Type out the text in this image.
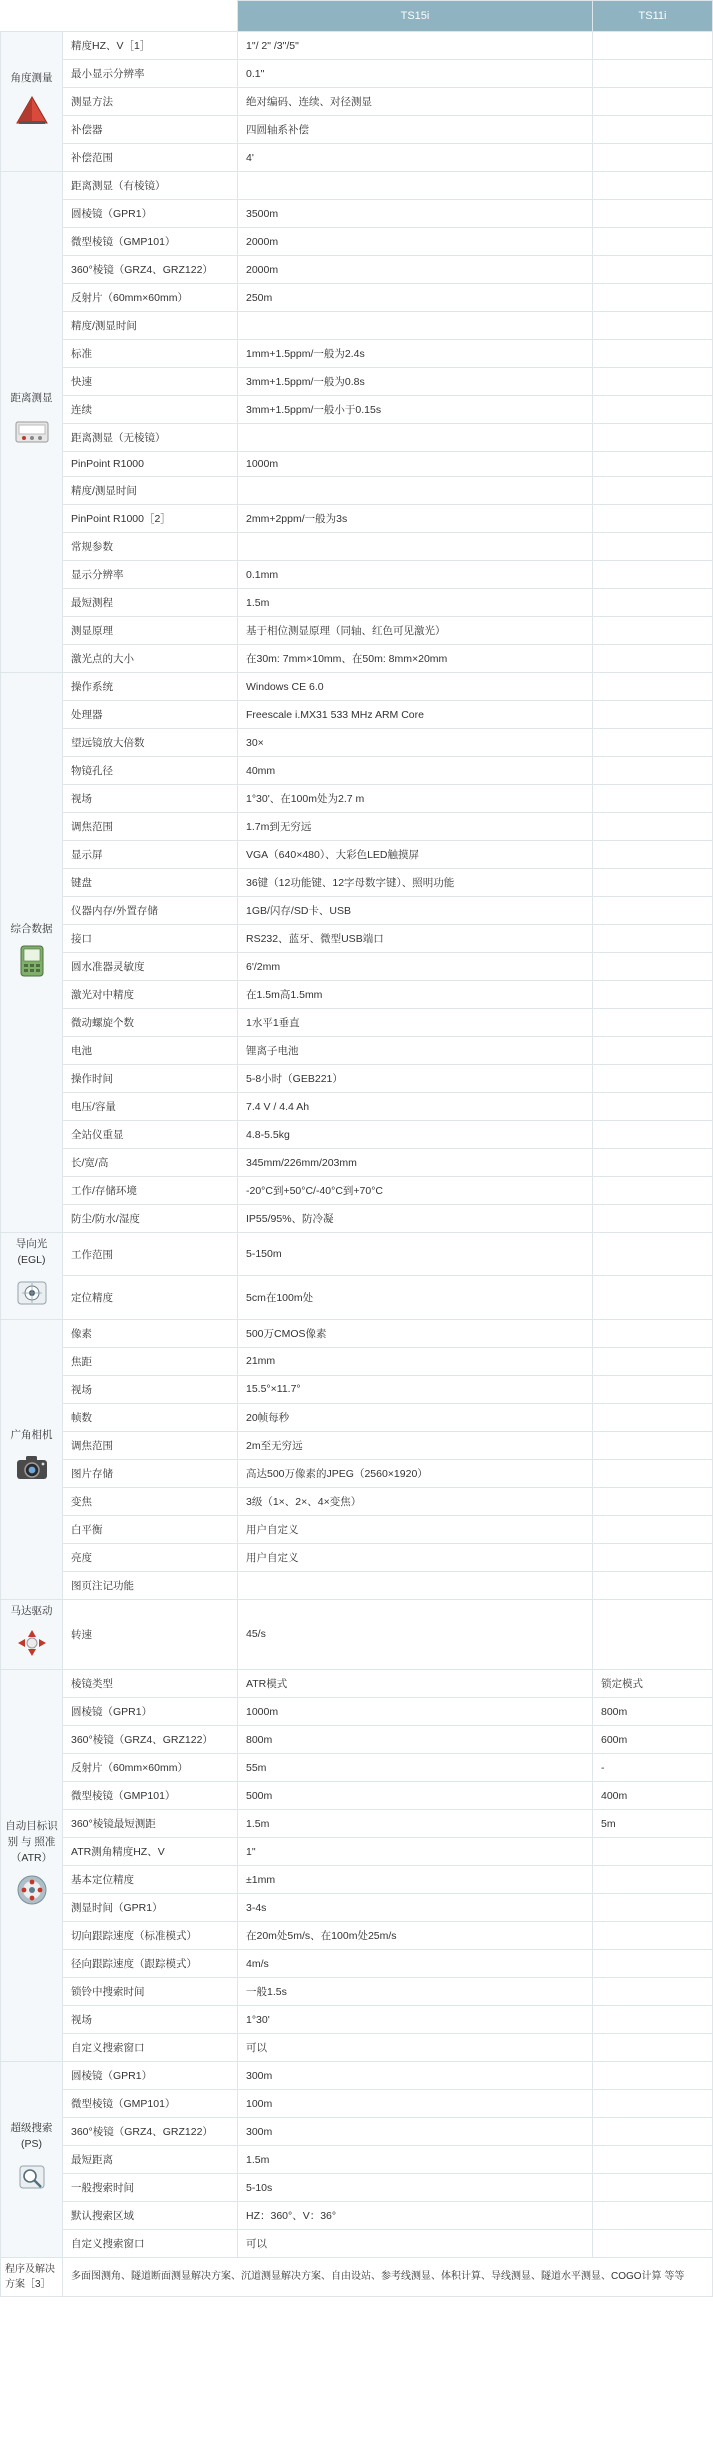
		TS15i	TS11i

角度测量	精度HZ、V［1］	1"/ 2" /3"/5"	
	最小显示分辨率	0.1"	
	测显方法	绝对编码、连续、对径测显	
	补偿器	四圆轴系补偿	
	补偿范围	4'	

距离测显	距离测显（有棱镜）		
	圆棱镜（GPR1）	3500m	
	微型棱镜（GMP101）	2000m	
	360°棱镜（GRZ4、GRZ122）	2000m	
	反射片（60mm×60mm）	250m	
	精度/测显时间		
	标准	1mm+1.5ppm/一般为2.4s	
	快速	3mm+1.5ppm/一般为0.8s	
	连续	3mm+1.5ppm/一般小于0.15s	
	距离测显（无棱镜）		
	PinPoint R1000	1000m	
	精度/测显时间		
	PinPoint R1000［2］	2mm+2ppm/一般为3s	
	常规参数		
	显示分辨率	0.1mm	
	最短测程	1.5m	
	测显原理	基于相位测显原理（同轴、红色可见激光）	
	激光点的大小	在30m: 7mm×10mm、在50m: 8mm×20mm	

综合数据	操作系统	Windows CE 6.0	
	处理器	Freescale i.MX31 533 MHz ARM Core	
	望远镜放大倍数	30×	
	物镜孔径	40mm	
	视场	1°30'、在100m处为2.7 m	
	调焦范围	1.7m到无穷远	
	显示屏	VGA（640×480）、大彩色LED触摸屏	
	键盘	36键（12功能键、12字母数字键）、照明功能	
	仪器内存/外置存储	1GB/闪存/SD卡、USB	
	接口	RS232、蓝牙、微型USB端口	
	圆水准器灵敏度	6'/2mm	
	激光对中精度	在1.5m高1.5mm	
	微动螺旋个数	1水平1垂直	
	电池	锂离子电池	
	操作时间	5-8小时（GEB221）	
	电压/容量	7.4 V / 4.4 Ah	
	全站仪重显	4.8-5.5kg	
	长/宽/高	345mm/226mm/203mm	
	工作/存储环境	-20°C到+50°C/-40°C到+70°C	
	防尘/防水/湿度	IP55/95%、防冷凝	

导向光 (EGL)	工作范围	5-150m	
	定位精度	5cm在100m处	

广角相机	像素	500万CMOS像素	
	焦距	21mm	
	视场	15.5°×11.7°	
	帧数	20帧每秒	
	调焦范围	2m至无穷远	
	图片存储	高达500万像素的JPEG（2560×1920）	
	变焦	3级（1×、2×、4×变焦）	
	白平衡	用户自定义	
	亮度	用户自定义	
	图页注记功能		

马达驱动	转速	45/s	

自动目标识别 与 照准（ATR）	棱镜类型	ATR模式	锁定模式
	圆棱镜（GPR1）	1000m	800m
	360°棱镜（GRZ4、GRZ122）	800m	600m
	反射片（60mm×60mm）	55m	-
	微型棱镜（GMP101）	500m	400m
	360°棱镜最短测距	1.5m	5m
	ATR测角精度HZ、V	1"	
	基本定位精度	±1mm	
	测显时间（GPR1）	3-4s	
	切向跟踪速度（标准模式）	在20m处5m/s、在100m处25m/s	
	径向跟踪速度（跟踪模式）	4m/s	
	锁铃中搜索时间	一般1.5s	
	视场	1°30'	
	自定义搜索窗口	可以	

超级搜索 (PS)	圆棱镜（GPR1）	300m	
	微型棱镜（GMP101）	100m	
	360°棱镜（GRZ4、GRZ122）	300m	
	最短距离	1.5m	
	一般搜索时间	5-10s	
	默认搜索区域	HZ：360°、V：36°	
	自定义搜索窗口	可以	
程序及解决方案［3］	多面图测角、隧道断面测显解决方案、沉道测显解决方案、自由设站、参考线测显、体积计算、导线测显、隧道水平测显、COGO计算 等等		
